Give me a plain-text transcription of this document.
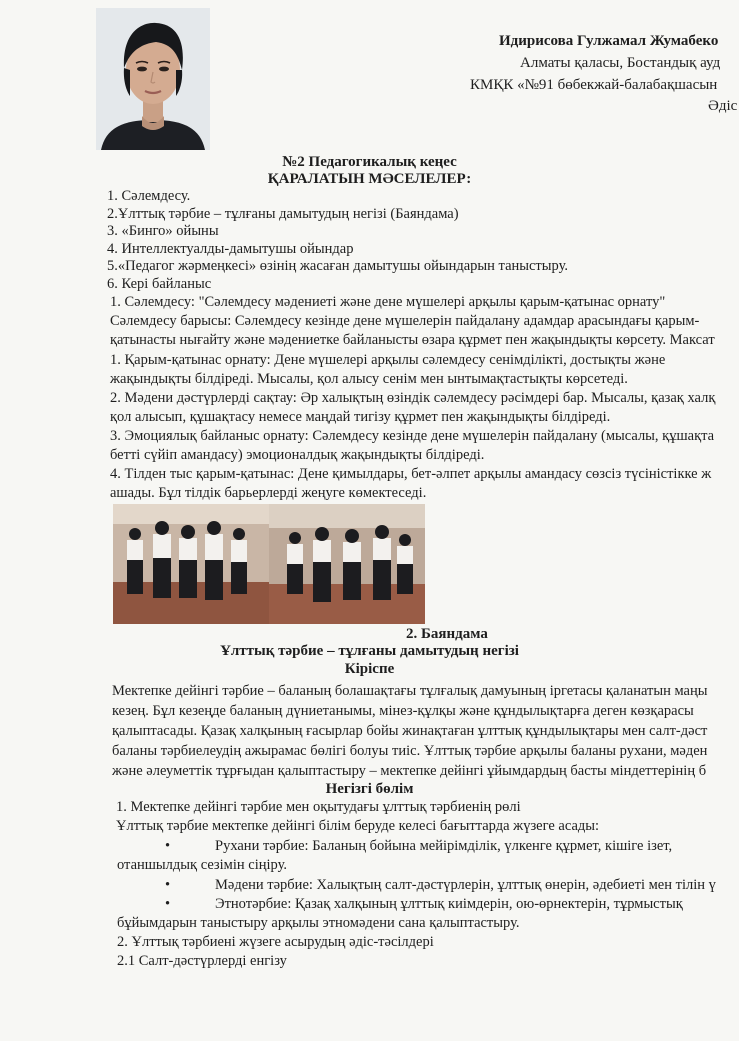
Идирисова Гулжамал Жумабеко
Алматы қаласы, Бостандық ауд
КМҚК «№91 бөбекжай-балабақшасын
Әдіс
№2 Педагогикалық кеңес
ҚАРАЛАТЫН МӘСЕЛЕЛЕР:
1. Сәлемдесу.
2.Ұлттық тәрбие – тұлғаны дамытудың негізі (Баяндама)
3. «Бинго» ойыны
4. Интеллектуалды-дамытушы ойындар
5.«Педагог жәрмеңкесі» өзінің жасаған дамытушы ойындарын таныстыру.
6. Кері байланыс
1. Сәлемдесу: "Сәлемдесу мәдениеті және дене мүшелері арқылы қарым-қатынас орнату"
Сәлемдесу барысы: Сәлемдесу кезінде дене мүшелерін пайдалану адамдар арасындағы қарым-
қатынасты нығайту және мәдениетке байланысты өзара құрмет пен жақындықты көрсету. Максат
1. Қарым-қатынас орнату: Дене мүшелері арқылы сәлемдесу сенімділікті, достықты және
жақындықты білдіреді. Мысалы, қол алысу сенім мен ынтымақтастықты көрсетеді.
2. Мәдени дәстүрлерді сақтау: Әр халықтың өзіндік сәлемдесу рәсімдері бар. Мысалы, қазақ халқ
қол алысып, құшақтасу немесе маңдай тигізу құрмет пен жақындықты білдіреді.
3. Эмоциялық байланыс орнату: Сәлемдесу кезінде дене мүшелерін пайдалану (мысалы, құшақта
бетті сүйіп амандасу) эмоционалдық жақындықты білдіреді.
4. Тілден тыс қарым-қатынас: Дене қимылдары, бет-әлпет арқылы амандасу сөзсіз түсіністікке ж
ашады. Бұл тілдік барьерлерді жеңуге көмектеседі.
2. Баяндама
Ұлттық тәрбие – тұлғаны дамытудың негізі
Кіріспе
Мектепке дейінгі тәрбие – баланың болашақтағы тұлғалық дамуының іргетасы қаланатын маңы
кезең. Бұл кезеңде баланың дүниетанымы, мінез-құлқы және құндылықтарға деген көзқарасы
қалыптасады. Қазақ халқының ғасырлар бойы жинақтаған ұлттық құндылықтары мен салт-дәст
баланы тәрбиелеудің ажырамас бөлігі болуы тиіс. Ұлттық тәрбие арқылы баланы рухани, мәден
және әлеуметтік тұрғыдан қалыптастыру – мектепке дейінгі ұйымдардың басты міндеттерінің б
Негізгі бөлім
1. Мектепке дейінгі тәрбие мен оқытудағы ұлттық тәрбиенің рөлі
Ұлттық тәрбие мектепке дейінгі білім беруде келесі бағыттарда жүзеге асады:
•	Рухани тәрбие: Баланың бойына мейірімділік, үлкенге құрмет, кішіге ізет,
отаншылдық сезімін сіңіру.
•	Мәдени тәрбие: Халықтың салт-дәстүрлерін, ұлттық өнерін, әдебиеті мен тілін ү
•	Этнотәрбие: Қазақ халқының ұлттық киімдерін, ою-өрнектерін, тұрмыстық
бұйымдарын таныстыру арқылы этномәдени сана қалыптастыру.
2. Ұлттық тәрбиені жүзеге асырудың әдіс-тәсілдері
2.1 Салт-дәстүрлерді енгізу
